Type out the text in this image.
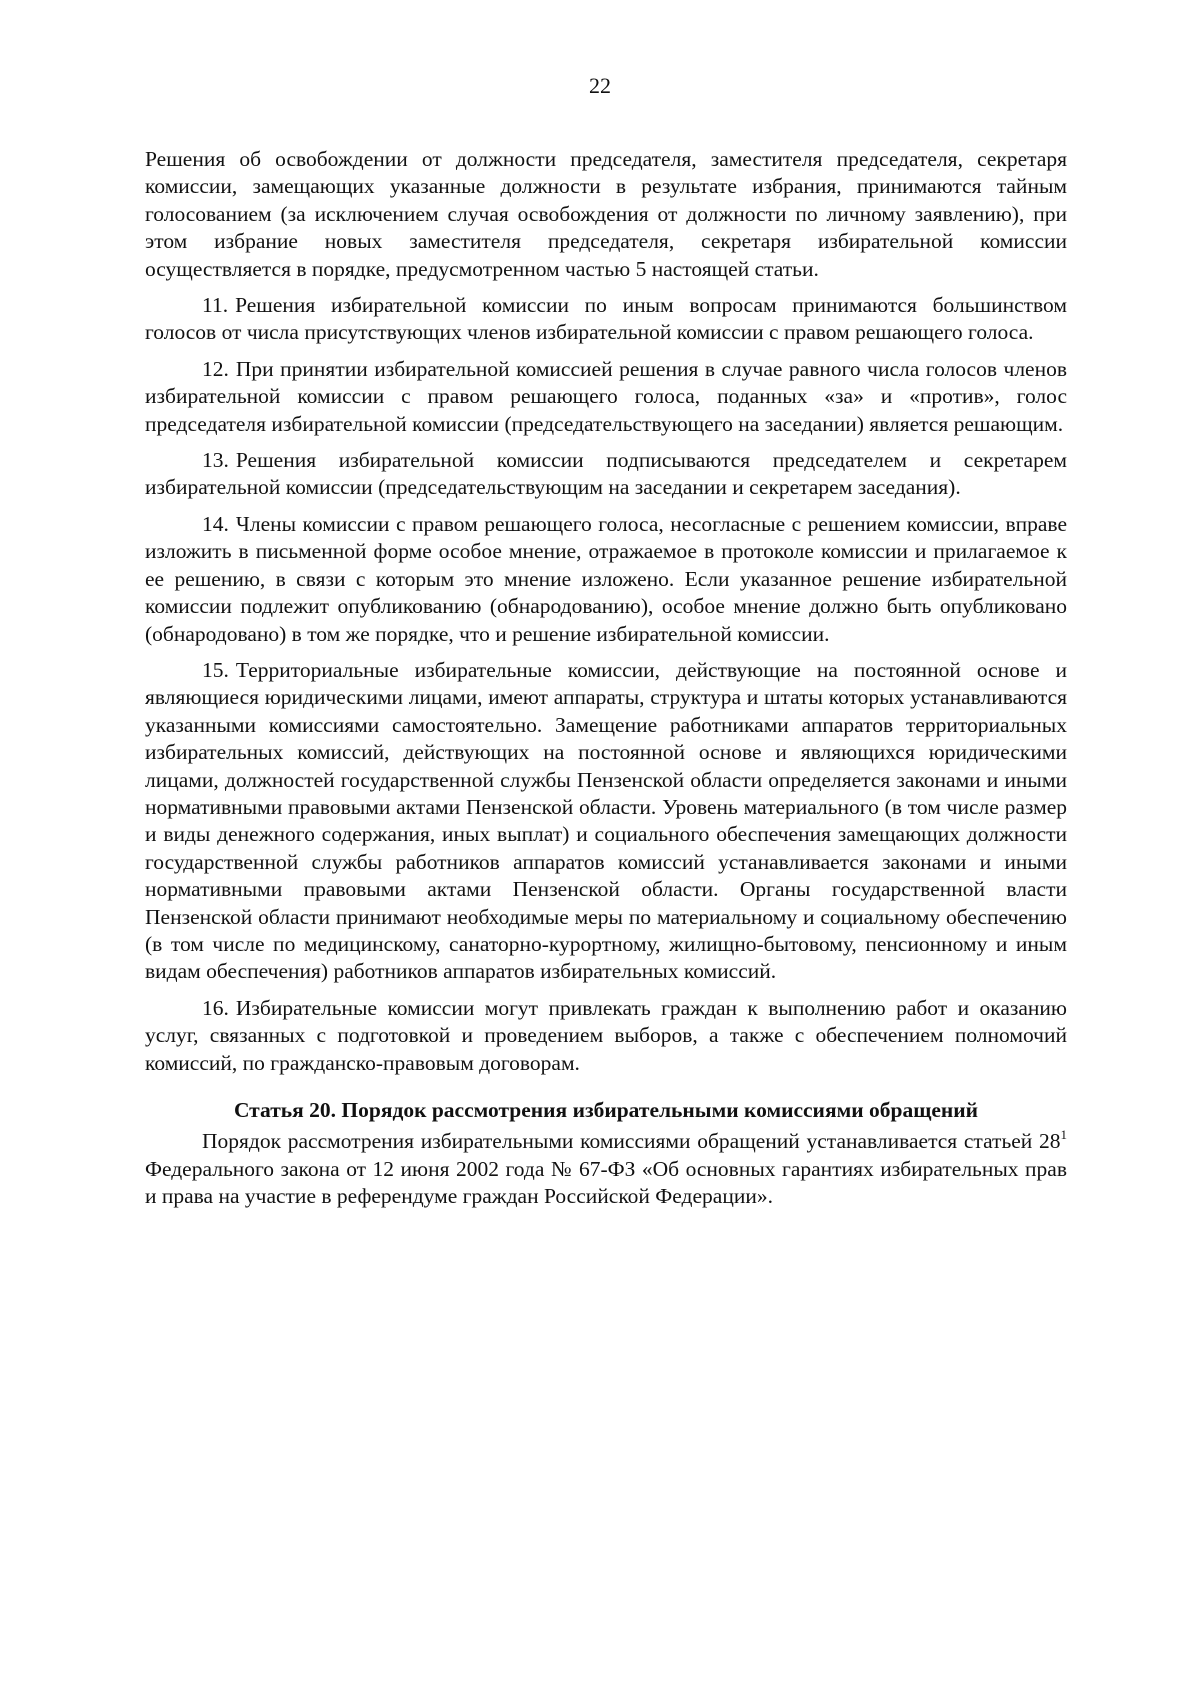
22

Решения об освобождении от должности председателя, заместителя председателя, секретаря комиссии, замещающих указанные должности в результате избрания, принимаются тайным голосованием (за исключением случая освобождения от должности по личному заявлению), при этом избрание новых заместителя председателя, секретаря избирательной комиссии осуществляется в порядке, предусмотренном частью 5 настоящей статьи.

11. Решения избирательной комиссии по иным вопросам принимаются большинством голосов от числа присутствующих членов избирательной комиссии с правом решающего голоса.

12. При принятии избирательной комиссией решения в случае равного числа голосов членов избирательной комиссии с правом решающего голоса, поданных «за» и «против», голос председателя избирательной комиссии (председательствующего на заседании) является решающим.

13. Решения избирательной комиссии подписываются председателем и секретарем избирательной комиссии (председательствующим на заседании и секретарем заседания).

14. Члены комиссии с правом решающего голоса, несогласные с решением комиссии, вправе изложить в письменной форме особое мнение, отражаемое в протоколе комиссии и прилагаемое к ее решению, в связи с которым это мнение изложено. Если указанное решение избирательной комиссии подлежит опубликованию (обнародованию), особое мнение должно быть опубликовано (обнародовано) в том же порядке, что и решение избирательной комиссии.

15. Территориальные избирательные комиссии, действующие на постоянной основе и являющиеся юридическими лицами, имеют аппараты, структура и штаты которых устанавливаются указанными комиссиями самостоятельно. Замещение работниками аппаратов территориальных избирательных комиссий, действующих на постоянной основе и являющихся юридическими лицами, должностей государственной службы Пензенской области определяется законами и иными нормативными правовыми актами Пензенской области. Уровень материального (в том числе размер и виды денежного содержания, иных выплат) и социального обеспечения замещающих должности государственной службы работников аппаратов комиссий устанавливается законами и иными нормативными правовыми актами Пензенской области. Органы государственной власти Пензенской области принимают необходимые меры по материальному и социальному обеспечению (в том числе по медицинскому, санаторно-курортному, жилищно-бытовому, пенсионному и иным видам обеспечения) работников аппаратов избирательных комиссий.

16. Избирательные комиссии могут привлекать граждан к выполнению работ и оказанию услуг, связанных с подготовкой и проведением выборов, а также с обеспечением полномочий комиссий, по гражданско-правовым договорам.

Статья 20. Порядок рассмотрения избирательными комиссиями обращений

Порядок рассмотрения избирательными комиссиями обращений устанавливается статьей $28^1$ Федерального закона от 12 июня 2002 года № 67-ФЗ «Об основных гарантиях избирательных прав и права на участие в референдуме граждан Российской Федерации».
